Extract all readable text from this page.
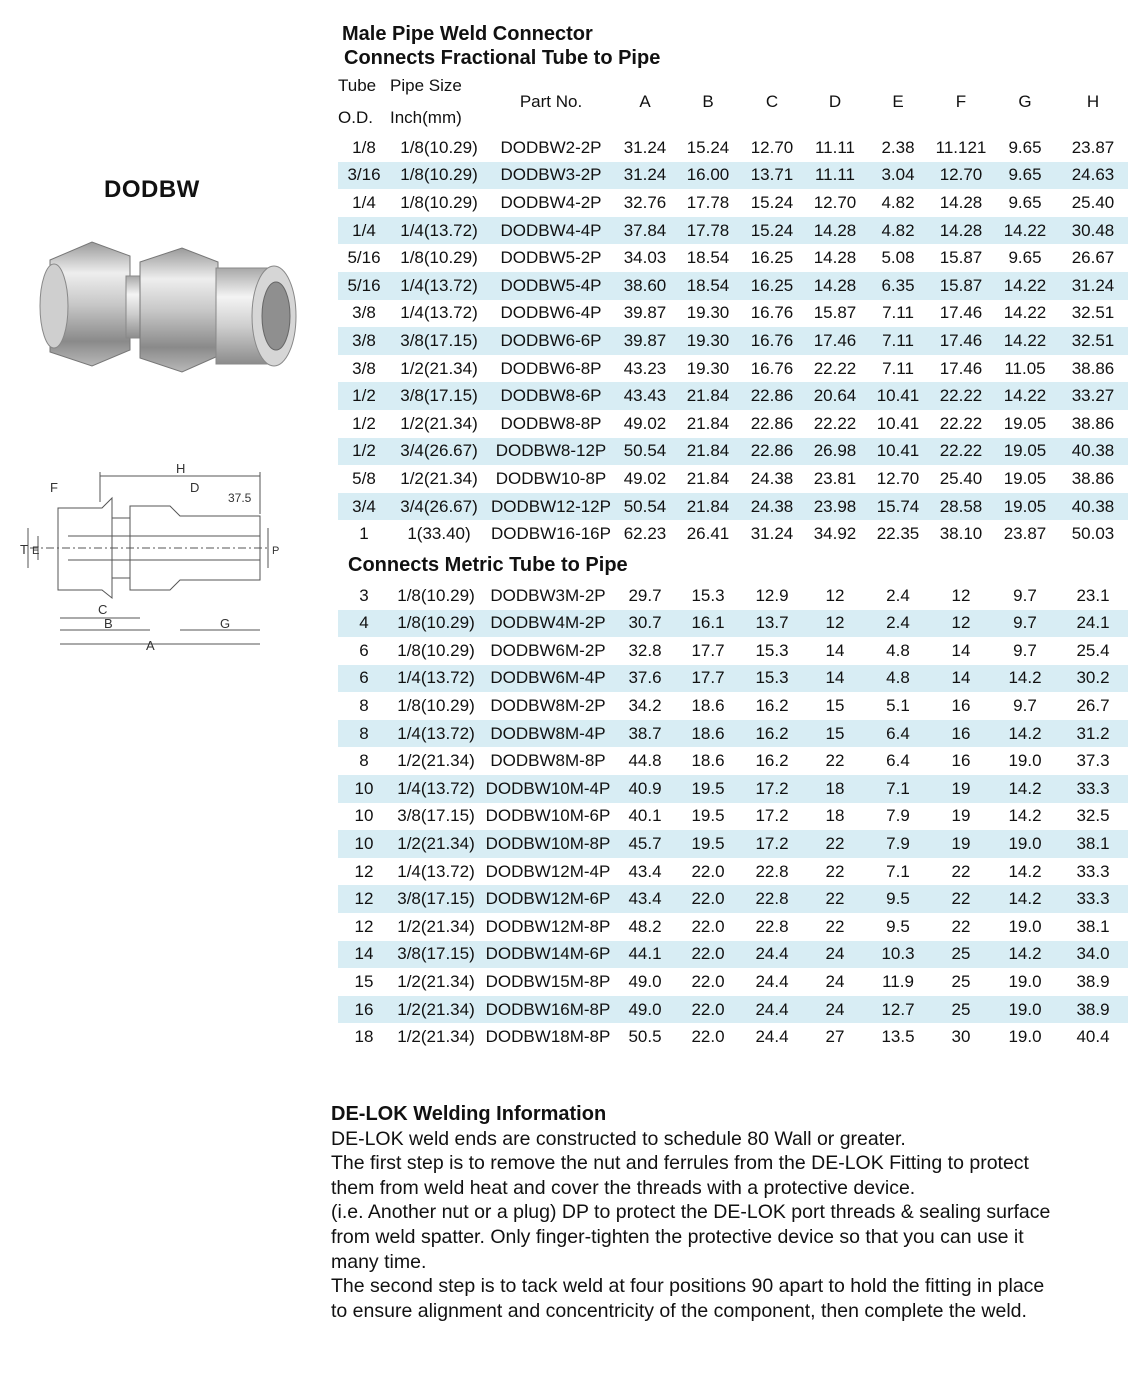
DODBW
H
F	D
37.5
T E	P
C
B	G
A
Male Pipe Weld Connector
Connects Fractional Tube to Pipe
Tube	Pipe Size	Part No.	A	B	C	D	E	F	G	H
O.D.	Inch(mm)									
1/8	1/8(10.29)	DODBW2-2P	31.24	15.24	12.70	11.11	2.38	11.121	9.65	23.87
3/16	1/8(10.29)	DODBW3-2P	31.24	16.00	13.71	11.11	3.04	12.70	9.65	24.63
1/4	1/8(10.29)	DODBW4-2P	32.76	17.78	15.24	12.70	4.82	14.28	9.65	25.40
1/4	1/4(13.72)	DODBW4-4P	37.84	17.78	15.24	14.28	4.82	14.28	14.22	30.48
5/16	1/8(10.29)	DODBW5-2P	34.03	18.54	16.25	14.28	5.08	15.87	9.65	26.67
5/16	1/4(13.72)	DODBW5-4P	38.60	18.54	16.25	14.28	6.35	15.87	14.22	31.24
3/8	1/4(13.72)	DODBW6-4P	39.87	19.30	16.76	15.87	7.11	17.46	14.22	32.51
3/8	3/8(17.15)	DODBW6-6P	39.87	19.30	16.76	17.46	7.11	17.46	14.22	32.51
3/8	1/2(21.34)	DODBW6-8P	43.23	19.30	16.76	22.22	7.11	17.46	11.05	38.86
1/2	3/8(17.15)	DODBW8-6P	43.43	21.84	22.86	20.64	10.41	22.22	14.22	33.27
1/2	1/2(21.34)	DODBW8-8P	49.02	21.84	22.86	22.22	10.41	22.22	19.05	38.86
1/2	3/4(26.67)	DODBW8-12P	50.54	21.84	22.86	26.98	10.41	22.22	19.05	40.38
5/8	1/2(21.34)	DODBW10-8P	49.02	21.84	24.38	23.81	12.70	25.40	19.05	38.86
3/4	3/4(26.67)	DODBW12-12P	50.54	21.84	24.38	23.98	15.74	28.58	19.05	40.38
1	1(33.40)	DODBW16-16P	62.23	26.41	31.24	34.92	22.35	38.10	23.87	50.03
Connects Metric Tube to Pipe
3	1/8(10.29)	DODBW3M-2P	29.7	15.3	12.9	12	2.4	12	9.7	23.1
4	1/8(10.29)	DODBW4M-2P	30.7	16.1	13.7	12	2.4	12	9.7	24.1
6	1/8(10.29)	DODBW6M-2P	32.8	17.7	15.3	14	4.8	14	9.7	25.4
6	1/4(13.72)	DODBW6M-4P	37.6	17.7	15.3	14	4.8	14	14.2	30.2
8	1/8(10.29)	DODBW8M-2P	34.2	18.6	16.2	15	5.1	16	9.7	26.7
8	1/4(13.72)	DODBW8M-4P	38.7	18.6	16.2	15	6.4	16	14.2	31.2
8	1/2(21.34)	DODBW8M-8P	44.8	18.6	16.2	22	6.4	16	19.0	37.3
10	1/4(13.72)	DODBW10M-4P	40.9	19.5	17.2	18	7.1	19	14.2	33.3
10	3/8(17.15)	DODBW10M-6P	40.1	19.5	17.2	18	7.9	19	14.2	32.5
10	1/2(21.34)	DODBW10M-8P	45.7	19.5	17.2	22	7.9	19	19.0	38.1
12	1/4(13.72)	DODBW12M-4P	43.4	22.0	22.8	22	7.1	22	14.2	33.3
12	3/8(17.15)	DODBW12M-6P	43.4	22.0	22.8	22	9.5	22	14.2	33.3
12	1/2(21.34)	DODBW12M-8P	48.2	22.0	22.8	22	9.5	22	19.0	38.1
14	3/8(17.15)	DODBW14M-6P	44.1	22.0	24.4	24	10.3	25	14.2	34.0
15	1/2(21.34)	DODBW15M-8P	49.0	22.0	24.4	24	11.9	25	19.0	38.9
16	1/2(21.34)	DODBW16M-8P	49.0	22.0	24.4	24	12.7	25	19.0	38.9
18	1/2(21.34)	DODBW18M-8P	50.5	22.0	24.4	27	13.5	30	19.0	40.4
DE-LOK Welding Information

DE-LOK weld ends are constructed to schedule 80 Wall or greater.

The first step is to remove the nut and ferrules from the DE-LOK Fitting to protect

them from weld heat and cover the threads with a protective device.

(i.e. Another nut or a plug) DP to protect the DE-LOK port threads & sealing surface

from weld spatter. Only finger-tighten the protective device so that you can use it

many time.

The second step is to tack weld at four positions 90 apart to hold the fitting in place

to ensure alignment and concentricity of the component, then complete the weld.
